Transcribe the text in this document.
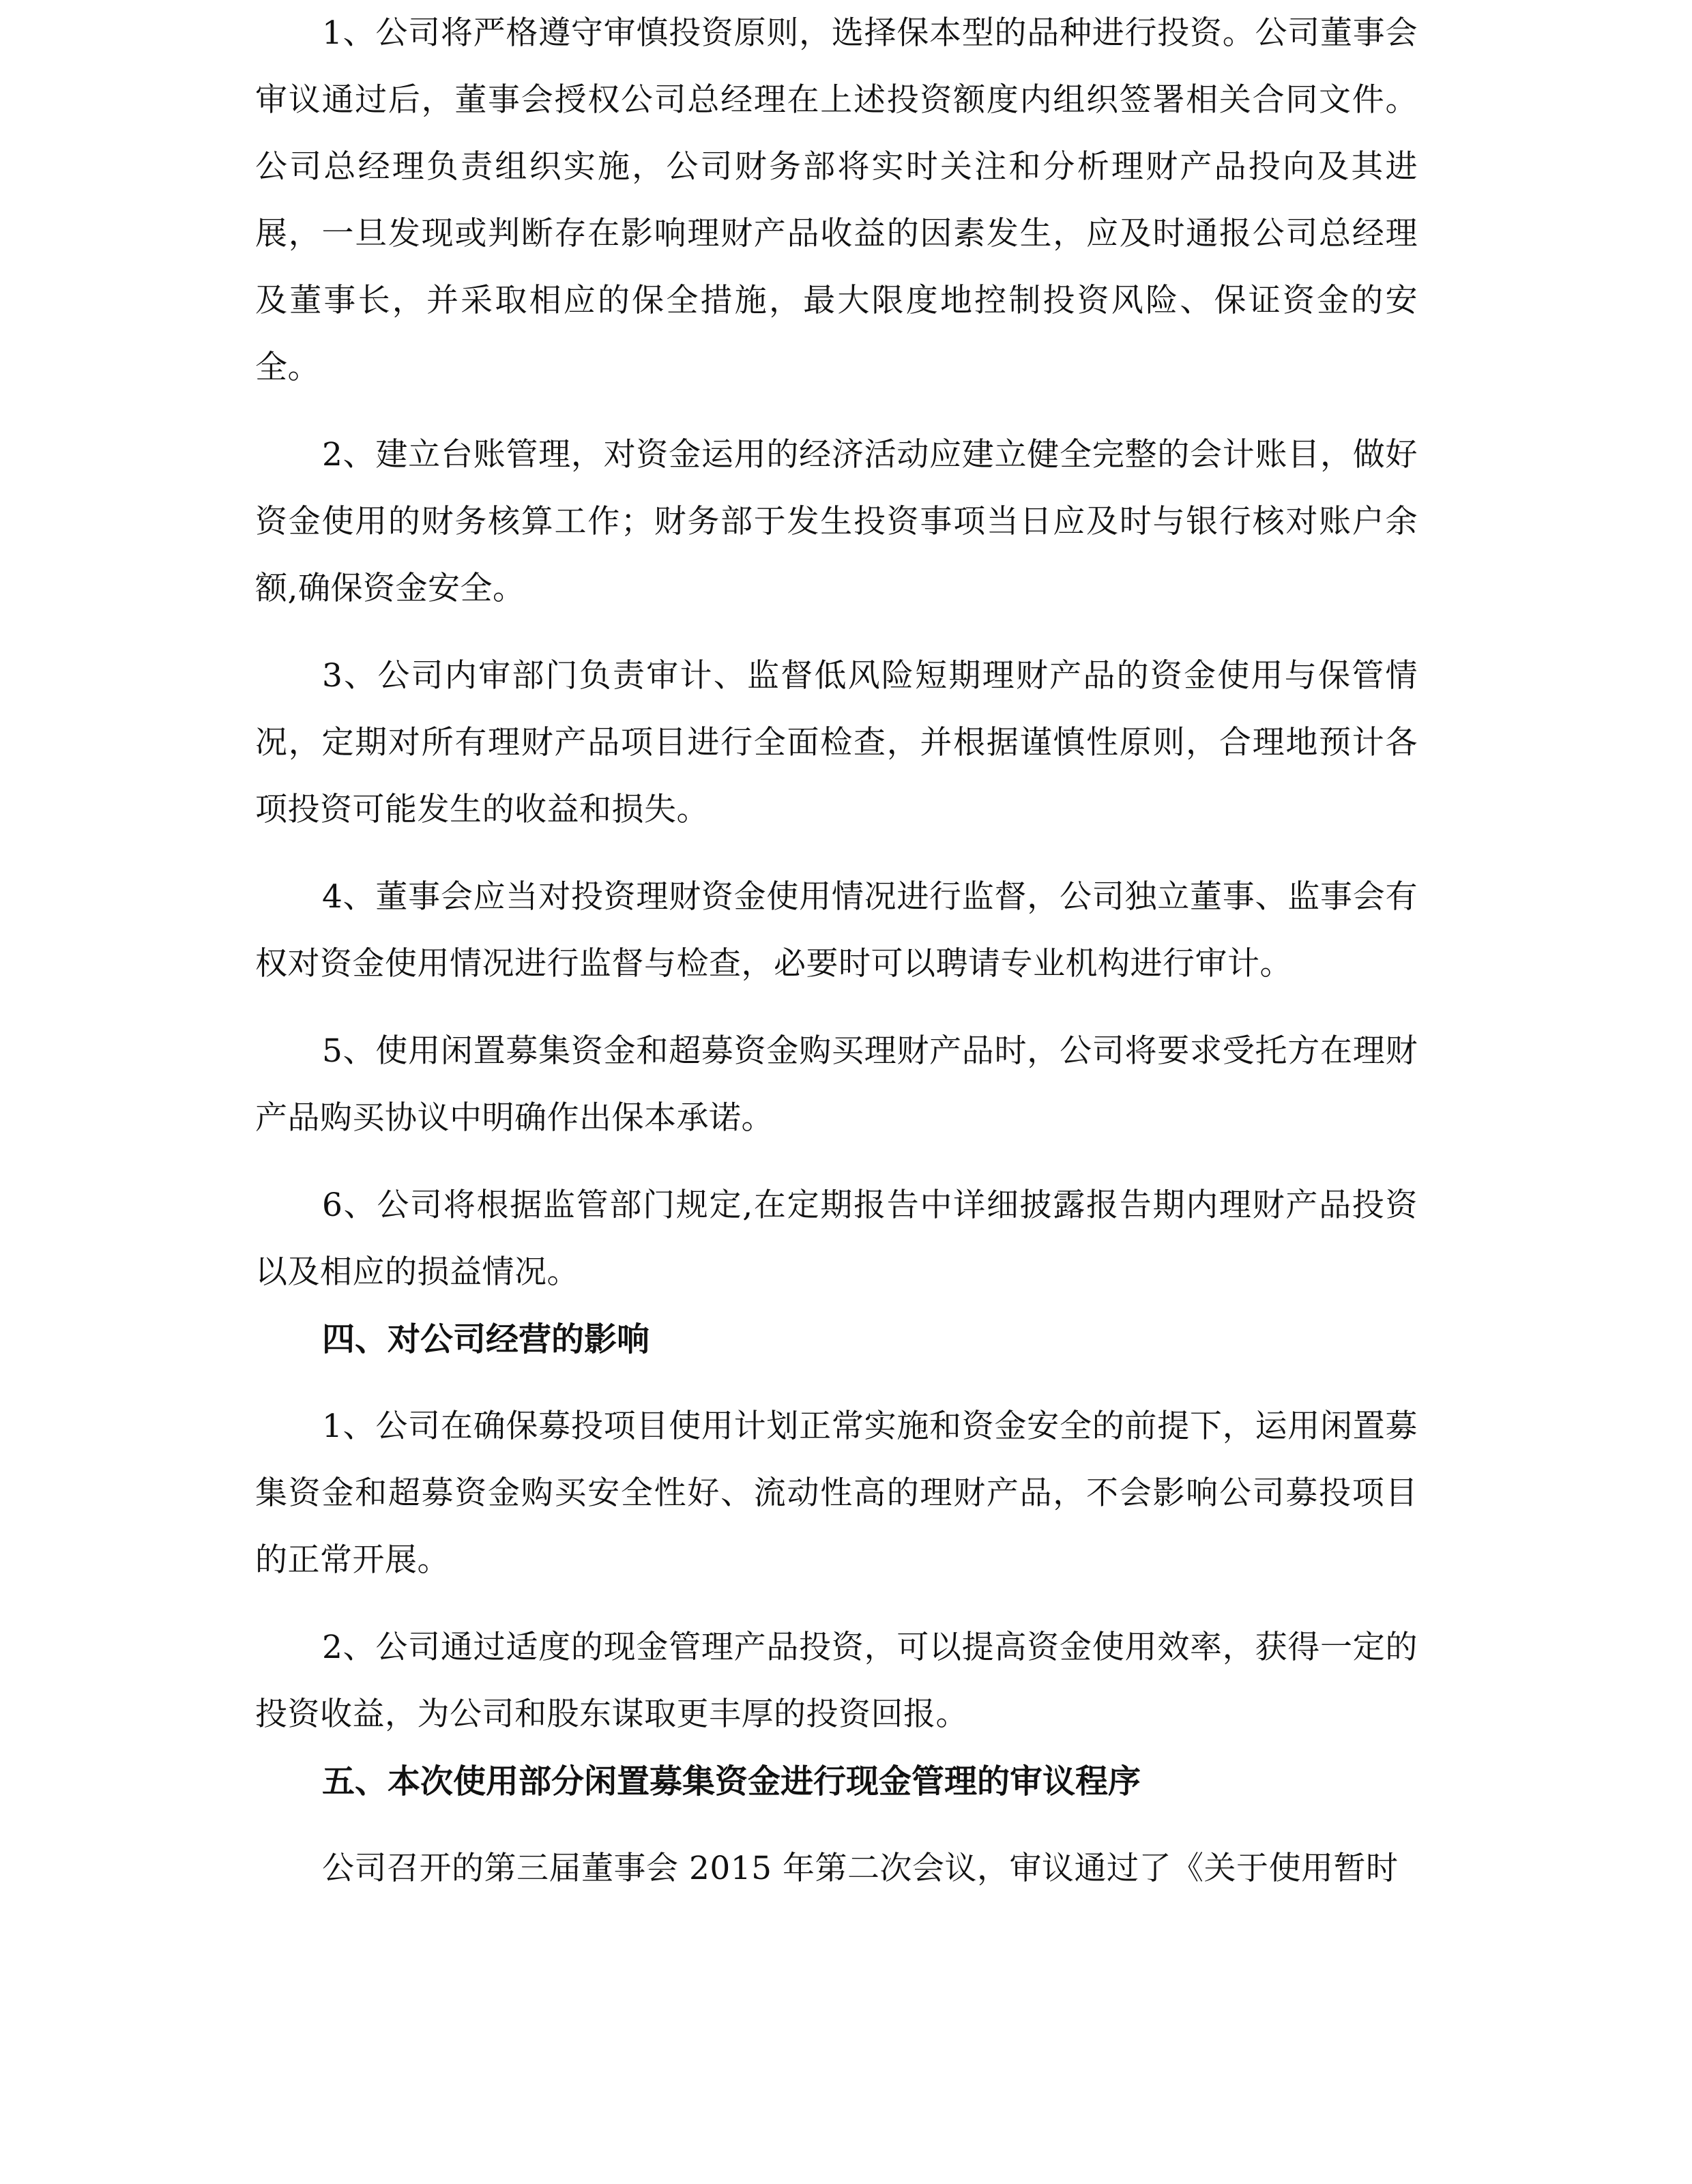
1、公司将严格遵守审慎投资原则，选择保本型的品种进行投资。公司董事会审议通过后，董事会授权公司总经理在上述投资额度内组织签署相关合同文件。公司总经理负责组织实施，公司财务部将实时关注和分析理财产品投向及其进展，一旦发现或判断存在影响理财产品收益的因素发生，应及时通报公司总经理及董事长，并采取相应的保全措施，最大限度地控制投资风险、保证资金的安全。

2、建立台账管理，对资金运用的经济活动应建立健全完整的会计账目，做好资金使用的财务核算工作；财务部于发生投资事项当日应及时与银行核对账户余额,确保资金安全。

3、公司内审部门负责审计、监督低风险短期理财产品的资金使用与保管情况，定期对所有理财产品项目进行全面检查，并根据谨慎性原则，合理地预计各项投资可能发生的收益和损失。

4、董事会应当对投资理财资金使用情况进行监督，公司独立董事、监事会有权对资金使用情况进行监督与检查，必要时可以聘请专业机构进行审计。

5、使用闲置募集资金和超募资金购买理财产品时，公司将要求受托方在理财产品购买协议中明确作出保本承诺。

6、公司将根据监管部门规定,在定期报告中详细披露报告期内理财产品投资以及相应的损益情况。

四、对公司经营的影响

1、公司在确保募投项目使用计划正常实施和资金安全的前提下，运用闲置募集资金和超募资金购买安全性好、流动性高的理财产品，不会影响公司募投项目的正常开展。

2、公司通过适度的现金管理产品投资，可以提高资金使用效率，获得一定的投资收益，为公司和股东谋取更丰厚的投资回报。

五、本次使用部分闲置募集资金进行现金管理的审议程序

公司召开的第三届董事会 2015 年第二次会议，审议通过了《关于使用暂时
